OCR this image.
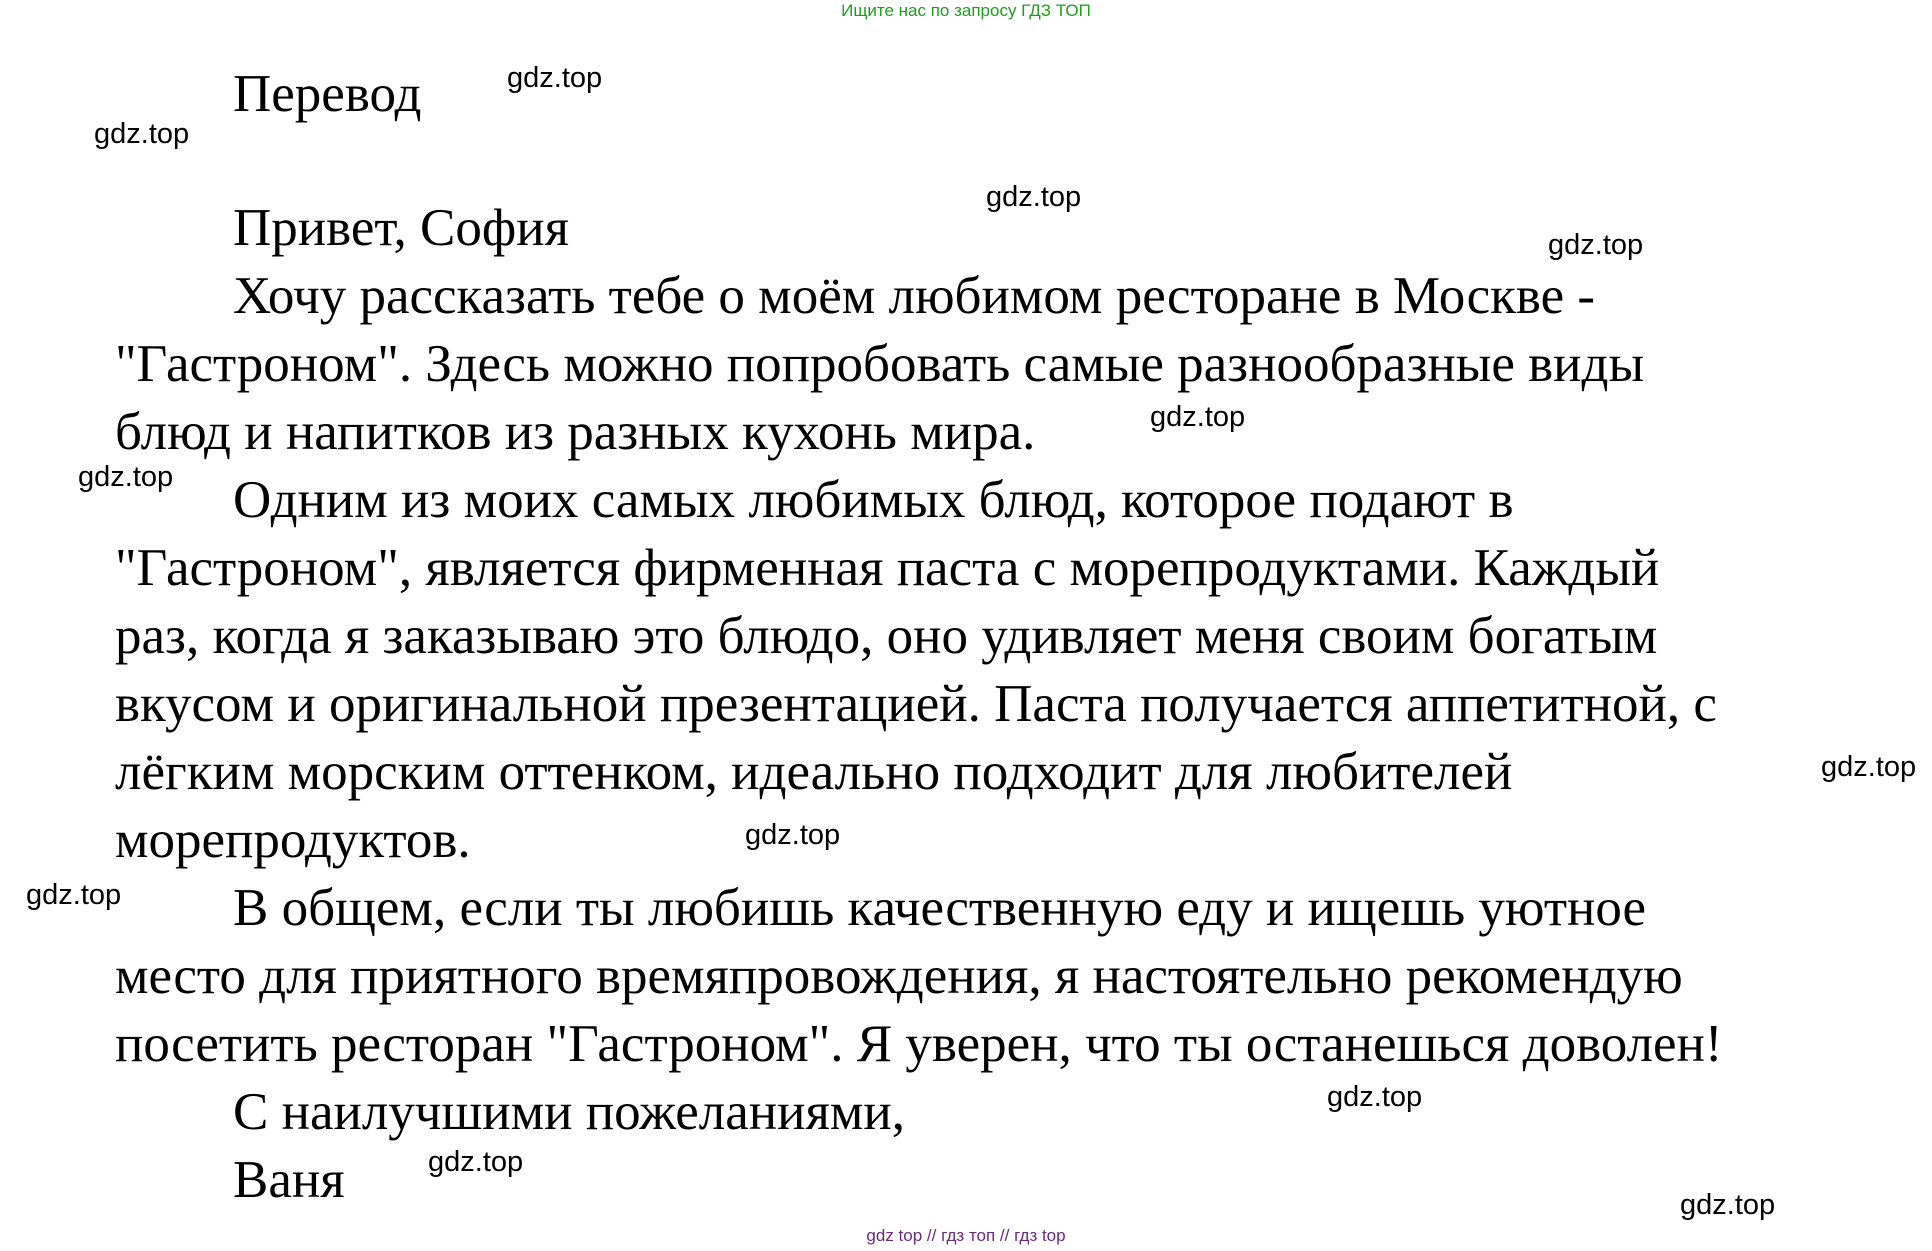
Ищите нас по запросу ГДЗ ТОП
Перевод
Привет, София
Хочу рассказать тебе о моём любимом ресторане в Москве -
"Гастроном". Здесь можно попробовать самые разнообразные виды
блюд и напитков из разных кухонь мира.
Одним из моих самых любимых блюд, которое подают в
"Гастроном", является фирменная паста с морепродуктами. Каждый
раз, когда я заказываю это блюдо, оно удивляет меня своим богатым
вкусом и оригинальной презентацией. Паста получается аппетитной, с
лёгким морским оттенком, идеально подходит для любителей
морепродуктов.
В общем, если ты любишь качественную еду и ищешь уютное
место для приятного времяпровождения, я настоятельно рекомендую
посетить ресторан "Гастроном". Я уверен, что ты останешься доволен!
С наилучшими пожеланиями,
Ваня
gdz.top
gdz.top
gdz.top
gdz.top
gdz.top
gdz.top
gdz.top
gdz.top
gdz.top
gdz.top
gdz.top
gdz.top
gdz top // гдз топ // гдз top
